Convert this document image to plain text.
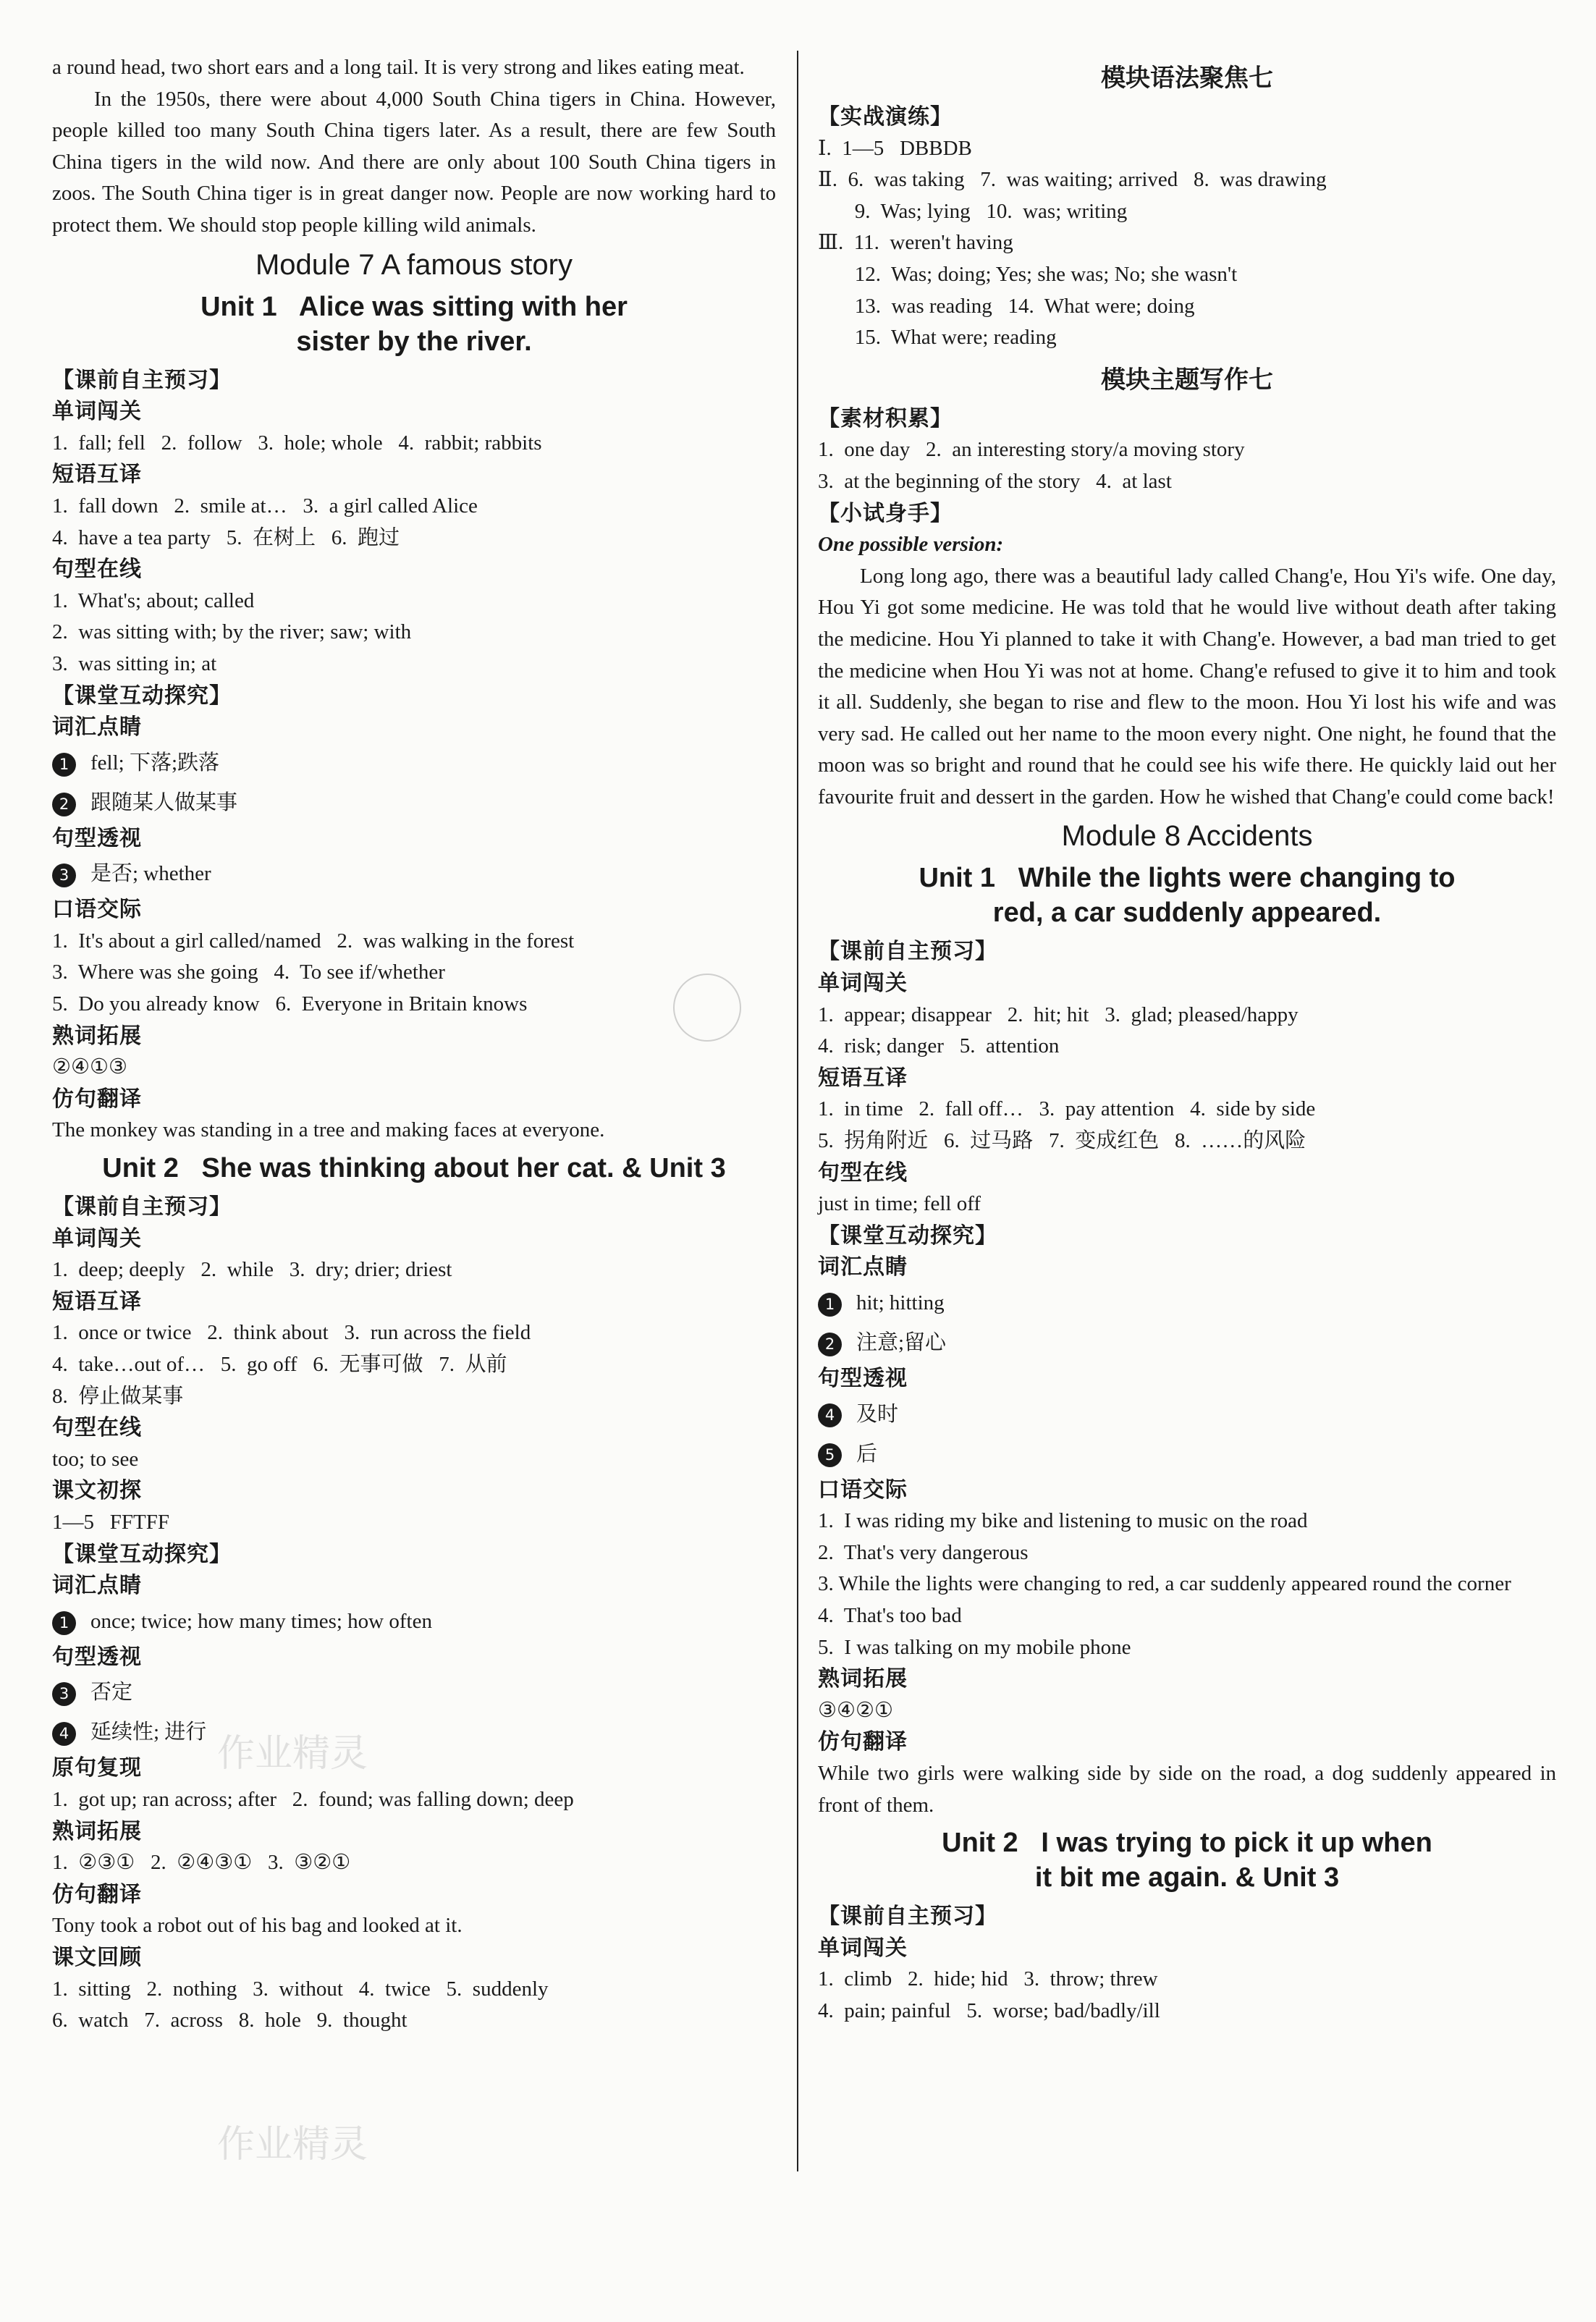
a round head, two short ears and a long tail. It is very strong and likes eating meat.
In the 1950s, there were about 4,000 South China tigers in China. However, people killed too many South China tigers later. As a result, there are few South China tigers in the wild now. And there are only about 100 South China tigers in zoos. The South China tiger is in great danger now. People are now working hard to protect them. We should stop people killing wild animals.
Module 7 A famous story
Unit 1   Alice was sitting with her
sister by the river.
【课前自主预习】
单词闯关
1.  fall; fell   2.  follow   3.  hole; whole   4.  rabbit; rabbits
短语互译
1.  fall down   2.  smile at…   3.  a girl called Alice
4.  have a tea party   5.  在树上   6.  跑过
句型在线
1.  What's; about; called
2.  was sitting with; by the river; saw; with
3.  was sitting in; at
【课堂互动探究】
词汇点睛
1 fell; 下落;跌落
2 跟随某人做某事
句型透视
3 是否; whether
口语交际
1.  It's about a girl called/named   2.  was walking in the forest
3.  Where was she going   4.  To see if/whether
5.  Do you already know   6.  Everyone in Britain knows
熟词拓展
②④①③
仿句翻译
The monkey was standing in a tree and making faces at everyone.
Unit 2   She was thinking about her cat. & Unit 3
【课前自主预习】
单词闯关
1.  deep; deeply   2.  while   3.  dry; drier; driest
短语互译
1.  once or twice   2.  think about   3.  run across the field
4.  take…out of…   5.  go off   6.  无事可做   7.  从前
8.  停止做某事
句型在线
too; to see
课文初探
1—5   FFTFF
【课堂互动探究】
词汇点睛
1 once; twice; how many times; how often
句型透视
3 否定
4 延续性; 进行
原句复现
1.  got up; ran across; after   2.  found; was falling down; deep
熟词拓展
1.  ②③①   2.  ②④③①   3.  ③②①
仿句翻译
Tony took a robot out of his bag and looked at it.
课文回顾
1.  sitting   2.  nothing   3.  without   4.  twice   5.  suddenly
6.  watch   7.  across   8.  hole   9.  thought
模块语法聚焦七
【实战演练】
Ⅰ.  1—5   DBBDB
Ⅱ.  6.  was taking   7.  was waiting; arrived   8.  was drawing
9.  Was; lying   10.  was; writing
Ⅲ.  11.  weren't having
12.  Was; doing; Yes; she was; No; she wasn't
13.  was reading   14.  What were; doing
15.  What were; reading
模块主题写作七
【素材积累】
1.  one day   2.  an interesting story/a moving story
3.  at the beginning of the story   4.  at last
【小试身手】
One possible version:
Long long ago, there was a beautiful lady called Chang'e, Hou Yi's wife. One day, Hou Yi got some medicine. He was told that he would live without death after taking the medicine. Hou Yi planned to take it with Chang'e. However, a bad man tried to get the medicine when Hou Yi was not at home. Chang'e refused to give it to him and took it all. Suddenly, she began to rise and flew to the moon. Hou Yi lost his wife and was very sad. He called out her name to the moon every night. One night, he found that the moon was so bright and round that he could see his wife there. He quickly laid out her favourite fruit and dessert in the garden. How he wished that Chang'e could come back!
Module 8 Accidents
Unit 1   While the lights were changing to
red, a car suddenly appeared.
【课前自主预习】
单词闯关
1.  appear; disappear   2.  hit; hit   3.  glad; pleased/happy
4.  risk; danger   5.  attention
短语互译
1.  in time   2.  fall off…   3.  pay attention   4.  side by side
5.  拐角附近   6.  过马路   7.  变成红色   8.  ……的风险
句型在线
just in time; fell off
【课堂互动探究】
词汇点睛
1 hit; hitting
2 注意;留心
句型透视
4 及时
5 后
口语交际
1.  I was riding my bike and listening to music on the road
2.  That's very dangerous
3. While the lights were changing to red, a car suddenly appeared round the corner
4.  That's too bad
5.  I was talking on my mobile phone
熟词拓展
③④②①
仿句翻译
While two girls were walking side by side on the road, a dog suddenly appeared in front of them.
Unit 2   I was trying to pick it up when
it bit me again. & Unit 3
【课前自主预习】
单词闯关
1.  climb   2.  hide; hid   3.  throw; threw
4.  pain; painful   5.  worse; bad/badly/ill
作业精灵
作业精灵
